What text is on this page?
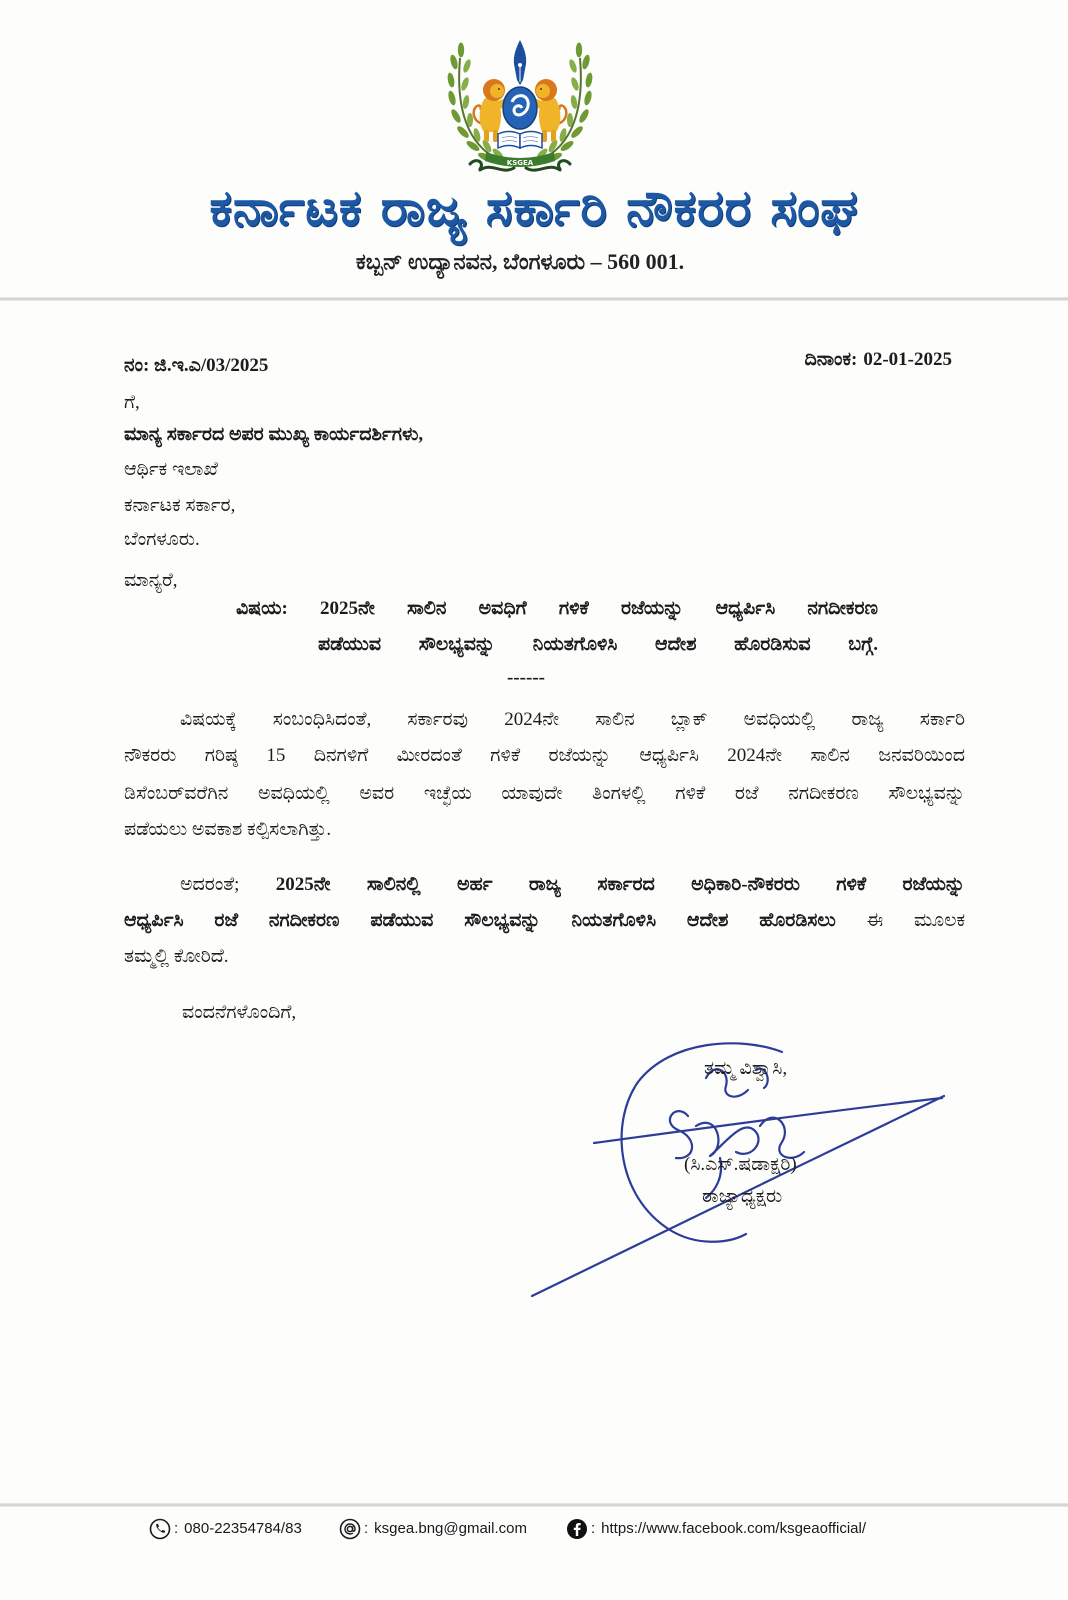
KSGEA
ಕರ್ನಾಟಕ ರಾಜ್ಯ ಸರ್ಕಾರಿ ನೌಕರರ ಸಂಘ
ಕಬ್ಬನ್ ಉದ್ಯಾನವನ, ಬೆಂಗಳೂರು – 560 001.
ನಂ: ಜಿ.ಇ.ಎ/03/2025	ದಿನಾಂಕ: 02-01-2025
ಗೆ,
ಮಾನ್ಯ ಸರ್ಕಾರದ ಅಪರ ಮುಖ್ಯ ಕಾರ್ಯದರ್ಶಿಗಳು,
ಆರ್ಥಿಕ ಇಲಾಖೆ
ಕರ್ನಾಟಕ ಸರ್ಕಾರ,
ಬೆಂಗಳೂರು.
ಮಾನ್ಯರೆ,
ವಿಷಯ: 2025ನೇ ಸಾಲಿನ ಅವಧಿಗೆ ಗಳಿಕೆ ರಜೆಯನ್ನು ಆಧ್ಯರ್ಪಿಸಿ ನಗದೀಕರಣ
ಪಡೆಯುವ ಸೌಲಭ್ಯವನ್ನು ನಿಯತಗೊಳಿಸಿ ಆದೇಶ ಹೊರಡಿಸುವ ಬಗ್ಗೆ.
------
ವಿಷಯಕ್ಕೆ ಸಂಬಂಧಿಸಿದಂತೆ, ಸರ್ಕಾರವು 2024ನೇ ಸಾಲಿನ ಬ್ಲಾಕ್ ಅವಧಿಯಲ್ಲಿ ರಾಜ್ಯ ಸರ್ಕಾರಿ
ನೌಕರರು ಗರಿಷ್ಠ 15 ದಿನಗಳಿಗೆ ಮೀರದಂತೆ ಗಳಿಕೆ ರಜೆಯನ್ನು ಆಧ್ಯರ್ಪಿಸಿ 2024ನೇ ಸಾಲಿನ ಜನವರಿಯಿಂದ
ಡಿಸೆಂಬರ್‌ವರೆಗಿನ ಅವಧಿಯಲ್ಲಿ ಅವರ ಇಚ್ಛೆಯ ಯಾವುದೇ ತಿಂಗಳಲ್ಲಿ ಗಳಿಕೆ ರಜೆ ನಗದೀಕರಣ ಸೌಲಭ್ಯವನ್ನು
ಪಡೆಯಲು ಅವಕಾಶ ಕಲ್ಪಿಸಲಾಗಿತ್ತು.
ಅದರಂತೆ; 2025ನೇ ಸಾಲಿನಲ್ಲಿ ಅರ್ಹ ರಾಜ್ಯ ಸರ್ಕಾರದ ಅಧಿಕಾರಿ-ನೌಕರರು ಗಳಿಕೆ ರಜೆಯನ್ನು
ಆಧ್ಯರ್ಪಿಸಿ ರಜೆ ನಗದೀಕರಣ ಪಡೆಯುವ ಸೌಲಭ್ಯವನ್ನು ನಿಯತಗೊಳಿಸಿ ಆದೇಶ ಹೊರಡಿಸಲು ಈ ಮೂಲಕ
ತಮ್ಮಲ್ಲಿ ಕೋರಿದೆ.
ವಂದನೆಗಳೊಂದಿಗೆ,
ತಮ್ಮ ವಿಶ್ವಾಸಿ,
(ಸಿ.ಎಸ್.ಷಡಾಕ್ಷರಿ)
ರಾಜ್ಯಾಧ್ಯಕ್ಷರು
: 080-22354784/83	: ksgea.bng@gmail.com	: https://www.facebook.com/ksgeaofficial/
